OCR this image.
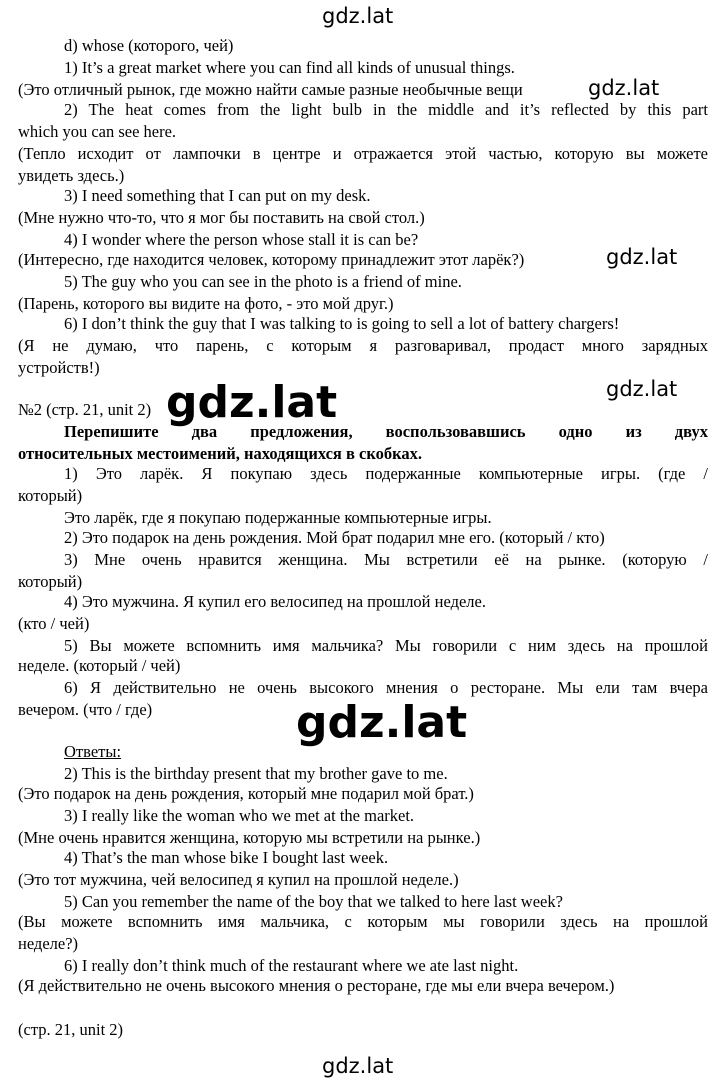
gdz.lat
gdz.lat
gdz.lat
gdz.lat
gdz.lat
d) whose (которого, чей)
1) It’s a great market where you can find all kinds of unusual things.
(Это отличный рынок, где можно найти самые разные необычные вещи
2) The heat comes from the light bulb in the middle and it’s reflected by this part
which you can see here.
(Тепло исходит от лампочки в центре и отражается этой частью, которую вы можете
увидеть здесь.)
3) I need something that I can put on my desk.
(Мне нужно что-то, что я мог бы поставить на свой стол.)
4) I wonder where the person whose stall it is can be?
(Интересно, где находится человек, которому принадлежит этот ларёк?)
5) The guy who you can see in the photo is a friend of mine.
(Парень, которого вы видите на фото, - это мой друг.)
6) I don’t think the guy that I was talking to is going to sell a lot of battery chargers!
(Я не думаю, что парень, с которым я разговаривал, продаст много зарядных
устройств!)
№2 (стр. 21, unit 2)
Перепишите два предложения, воспользовавшись одно из двух
относительных местоимений, находящихся в скобках.
1) Это ларёк. Я покупаю здесь подержанные компьютерные игры. (где /
который)
Это ларёк, где я покупаю подержанные компьютерные игры.
2) Это подарок на день рождения. Мой брат подарил мне его. (который / кто)
3) Мне очень нравится женщина. Мы встретили её на рынке. (которую /
который)
4) Это мужчина. Я купил его велосипед на прошлой неделе.
(кто / чей)
5) Вы можете вспомнить имя мальчика? Мы говорили с ним здесь на прошлой
неделе. (который / чей)
6) Я действительно не очень высокого мнения о ресторане. Мы ели там вчера
вечером. (что / где)
gdz.lat
gdz.lat
Ответы:
2) This is the birthday present that my brother gave to me.
(Это подарок на день рождения, который мне подарил мой брат.)
3) I really like the woman who we met at the market.
(Мне очень нравится женщина, которую мы встретили на рынке.)
4) That’s the man whose bike I bought last week.
(Это тот мужчина, чей велосипед я купил на прошлой неделе.)
5) Can you remember the name of the boy that we talked to here last week?
(Вы можете вспомнить имя мальчика, с которым мы говорили здесь на прошлой
неделе?)
6) I really don’t think much of the restaurant where we ate last night.
(Я действительно не очень высокого мнения о ресторане, где мы ели вчера вечером.)
(стр. 21, unit 2)
